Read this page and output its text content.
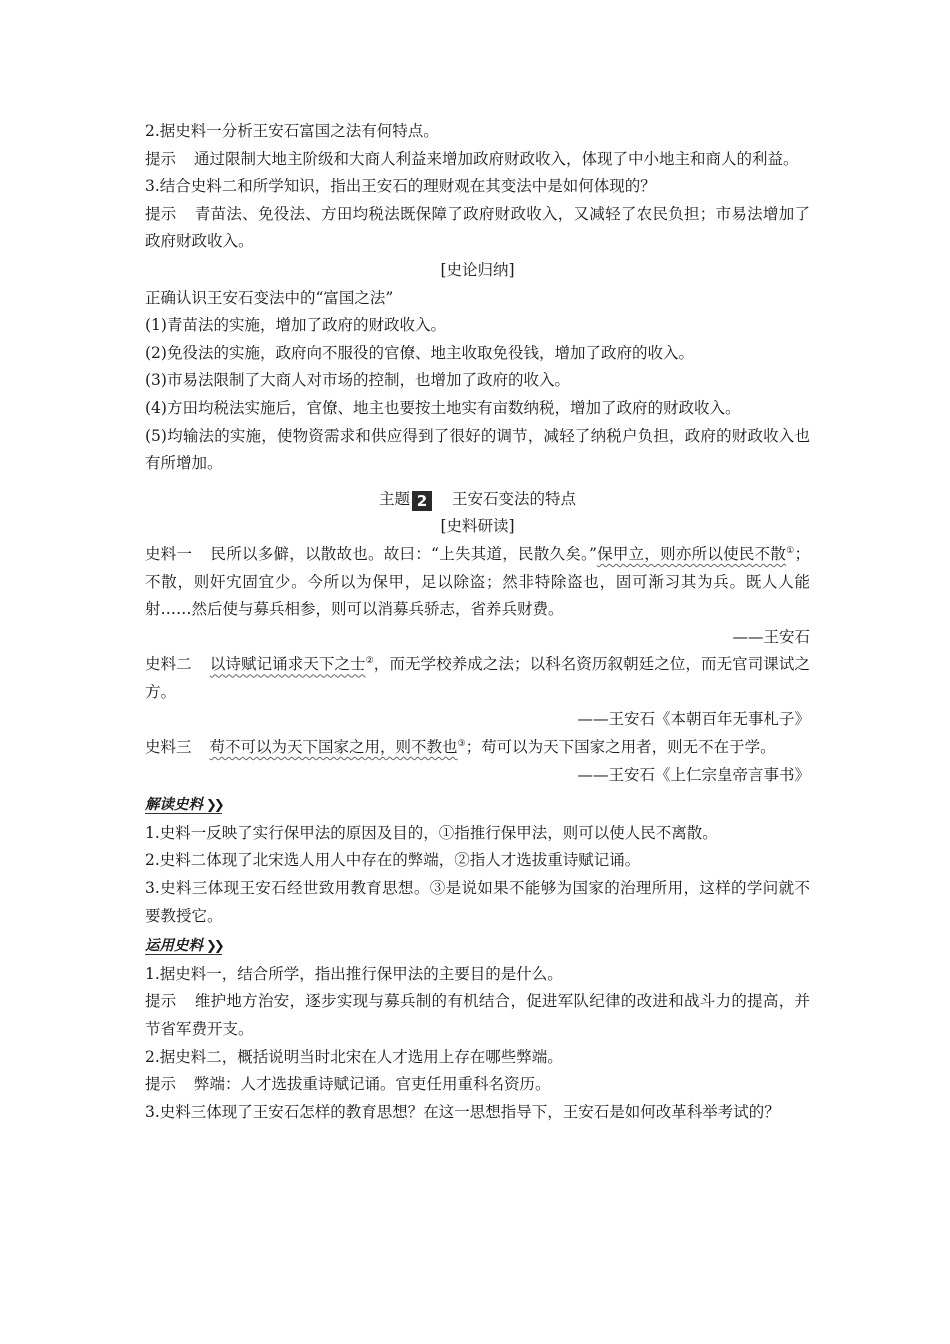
2.据史料一分析王安石富国之法有何特点。

提示 通过限制大地主阶级和大商人利益来增加政府财政收入，体现了中小地主和商人的利益。

3.结合史料二和所学知识，指出王安石的理财观在其变法中是如何体现的？

提示 青苗法、免役法、方田均税法既保障了政府财政收入，又减轻了农民负担；市易法增加了政府财政收入。

[史论归纳]

正确认识王安石变法中的“富国之法”

(1)青苗法的实施，增加了政府的财政收入。

(2)免役法的实施，政府向不服役的官僚、地主收取免役钱，增加了政府的收入。

(3)市易法限制了大商人对市场的控制，也增加了政府的收入。

(4)方田均税法实施后，官僚、地主也要按土地实有亩数纳税，增加了政府的财政收入。

(5)均输法的实施，使物资需求和供应得到了很好的调节，减轻了纳税户负担，政府的财政收入也有所增加。

主题 2 王安石变法的特点

[史料研读]

史料一 民所以多僻，以散故也。故曰：“上失其道，民散久矣。”保甲立，则亦所以使民不散①；不散，则奸宄固宜少。今所以为保甲，足以除盗；然非特除盗也，固可渐习其为兵。既人人能射……然后使与募兵相参，则可以消募兵骄志，省养兵财费。

——王安石

史料二 以诗赋记诵求天下之士②，而无学校养成之法；以科名资历叙朝廷之位，而无官司课试之方。

——王安石《本朝百年无事札子》

史料三 苟不可以为天下国家之用，则不教也③；苟可以为天下国家之用者，则无不在于学。

——王安石《上仁宗皇帝言事书》

解读史料 ❯❯

1.史料一反映了实行保甲法的原因及目的，①指推行保甲法，则可以使人民不离散。

2.史料二体现了北宋选人用人中存在的弊端，②指人才选拔重诗赋记诵。

3.史料三体现王安石经世致用教育思想。③是说如果不能够为国家的治理所用，这样的学问就不要教授它。

运用史料 ❯❯

1.据史料一，结合所学，指出推行保甲法的主要目的是什么。

提示 维护地方治安，逐步实现与募兵制的有机结合，促进军队纪律的改进和战斗力的提高，并节省军费开支。

2.据史料二，概括说明当时北宋在人才选用上存在哪些弊端。

提示 弊端：人才选拔重诗赋记诵。官吏任用重科名资历。

3.史料三体现了王安石怎样的教育思想？在这一思想指导下，王安石是如何改革科举考试的？
